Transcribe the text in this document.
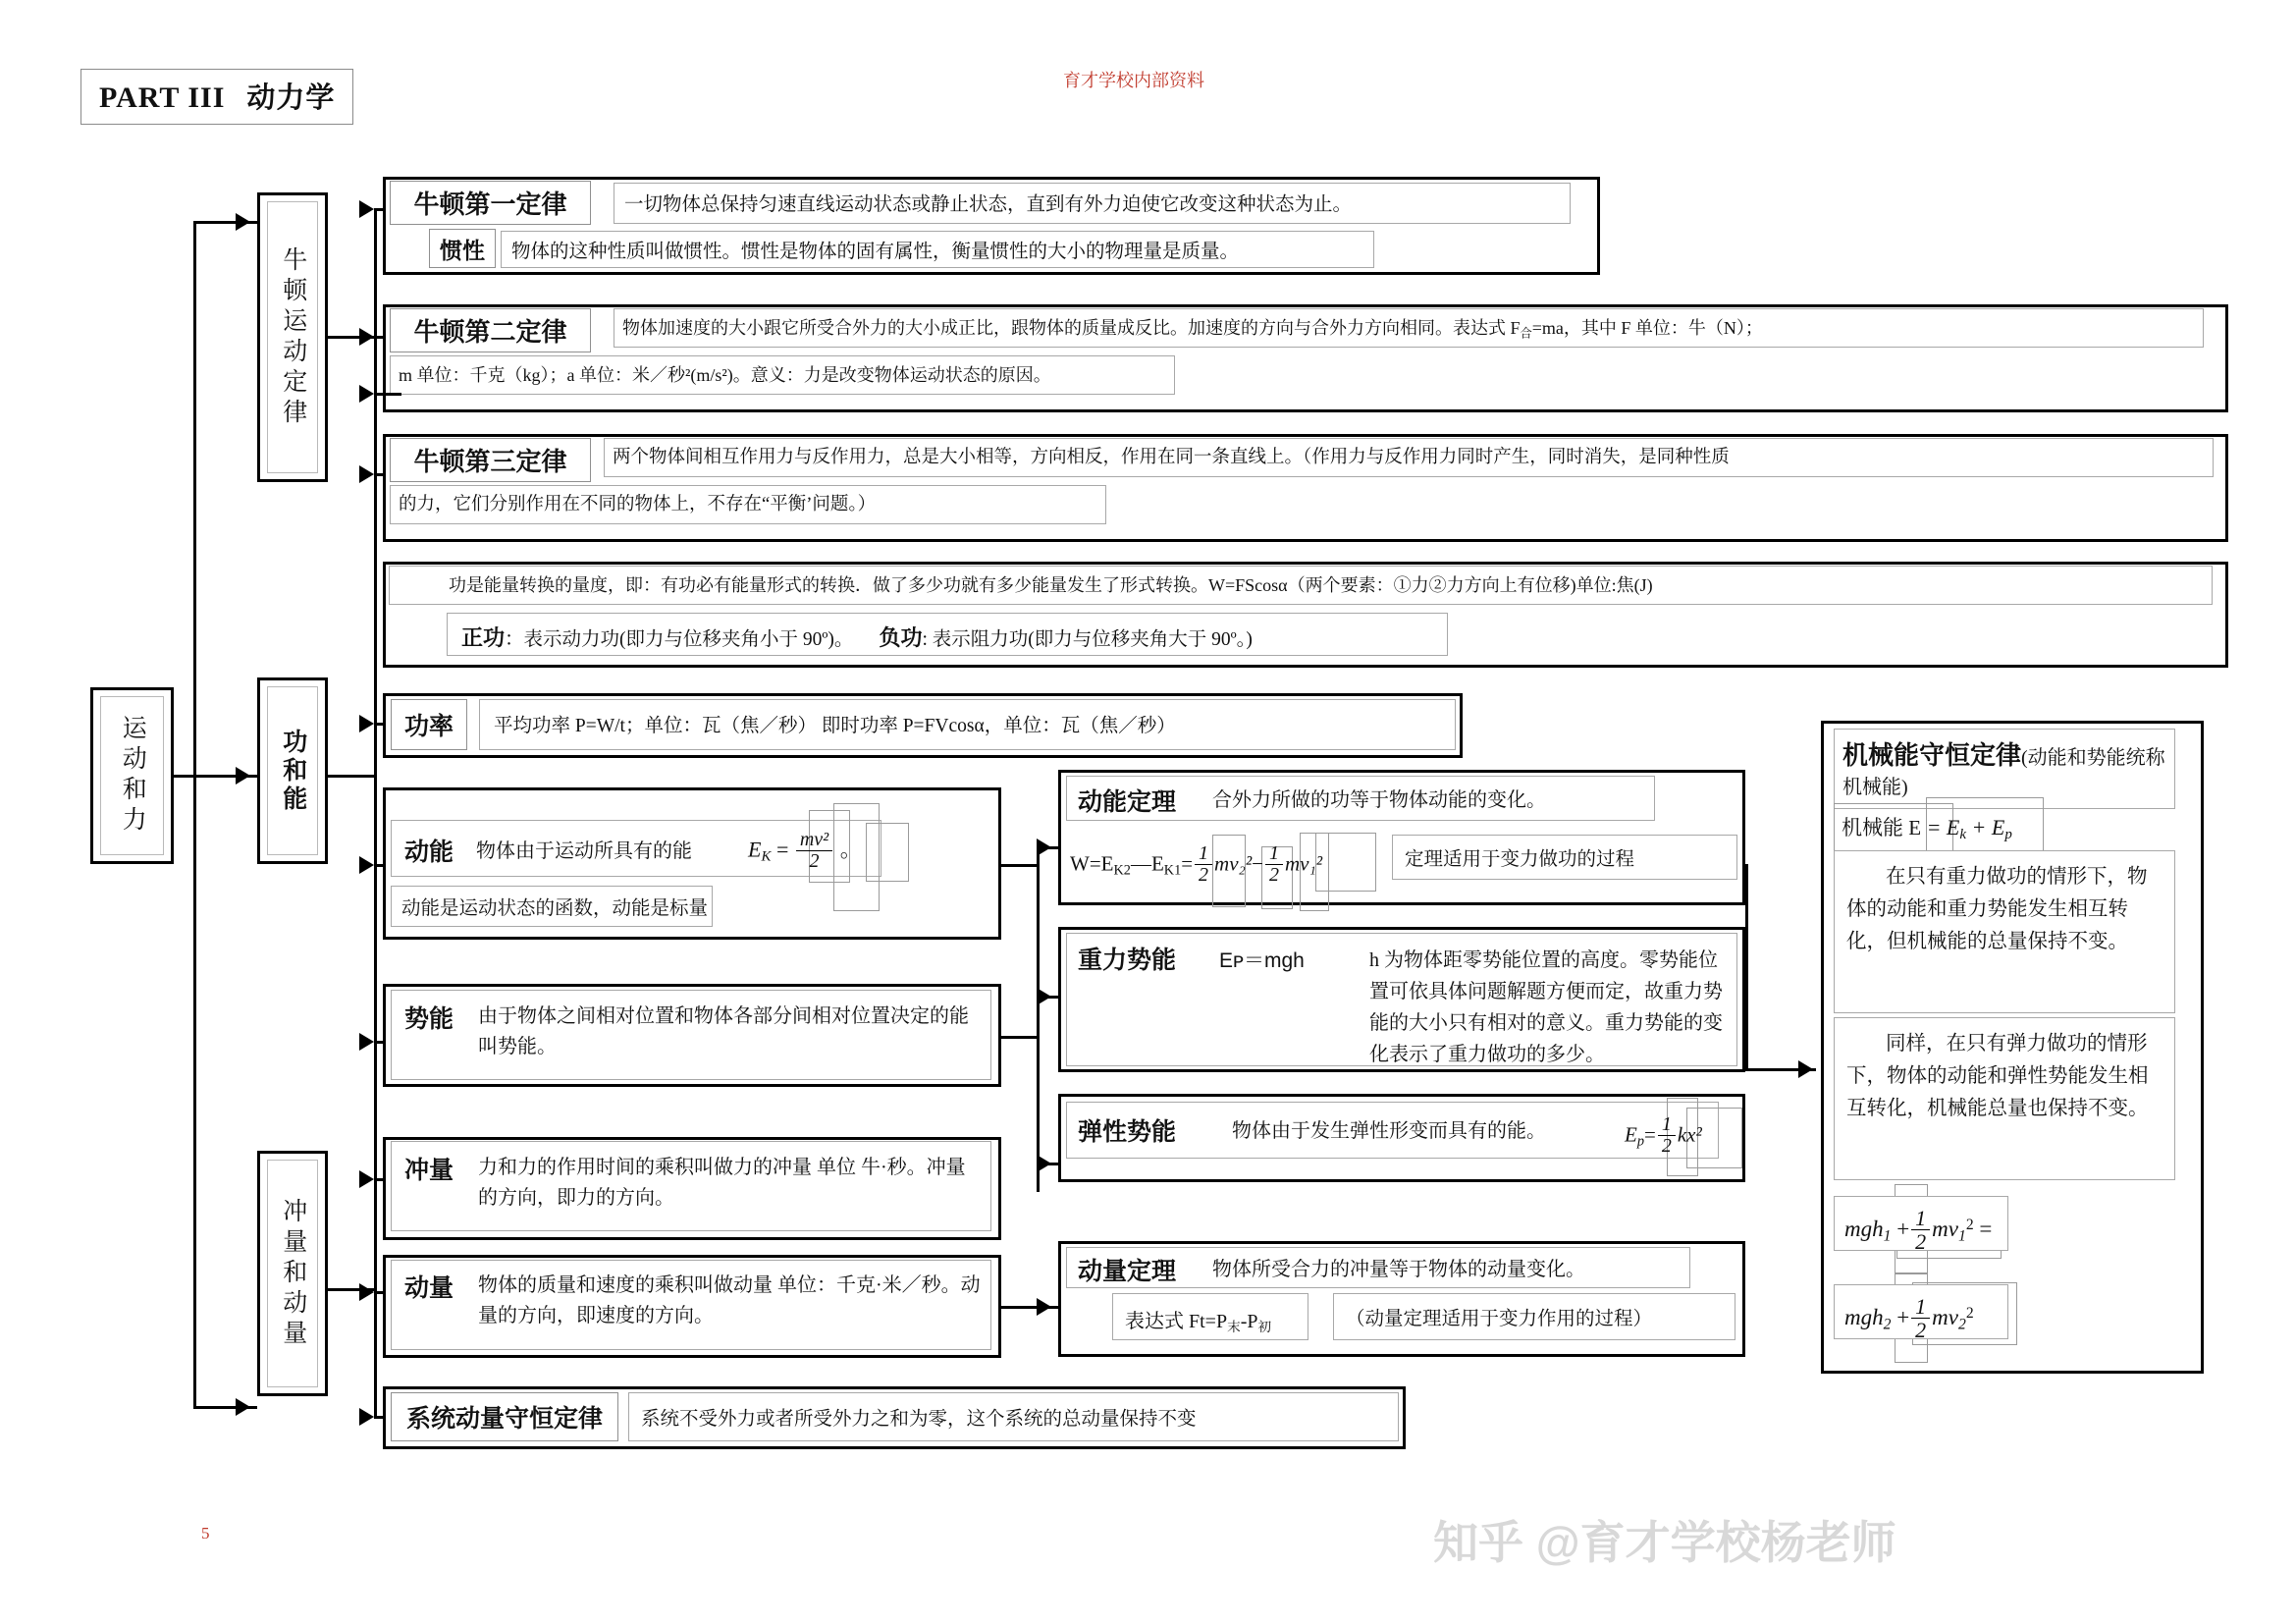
PART III 动力学
育才学校内部资料
运动和力
牛顿运动定律
牛顿第一定律	一切物体总保持匀速直线运动状态或静止状态，直到有外力迫使它改变这种状态为止。
惯性	物体的这种性质叫做惯性。惯性是物体的固有属性，衡量惯性的大小的物理量是质量。
牛顿第二定律	物体加速度的大小跟它所受合外力的大小成正比，跟物体的质量成反比。加速度的方向与合外力方向相同。表达式 $F_合=ma$，其中 F 单位：牛（N）；
m 单位：千克（kg）；a 单位：米／秒²(m/s²)。意义：力是改变物体运动状态的原因。
牛顿第三定律	两个物体间相互作用力与反作用力，总是大小相等，方向相反，作用在同一条直线上。（作用力与反作用力同时产生，同时消失，是同种性质
的力，它们分别作用在不同的物体上，不存在“平衡’问题。）
功和能
功是能量转换的量度，即：有功必有能量形式的转换．做了多少功就有多少能量发生了形式转换。W=FScosα（两个要素：①力②力方向上有位移)单位:焦(J)
正功：表示动力功(即力与位移夹角小于 90º)。 负功: 表示阻力功(即力与位移夹角大于 90º。)
功率	平均功率 P=W/t；单位：瓦（焦／秒） 即时功率 P=FVcosα，单位：瓦（焦／秒）
动能 物体由于运动所具有的能	$E_K = \frac{\text{mv²}}{2}$ 。
动能是运动状态的函数，动能是标量
势能 由于物体之间相对位置和物体各部分间相对位置决定的能叫势能。
动能定理 合外力所做的功等于物体动能的变化。
$W=E_{K2}—E_{K1}= \frac{1}{2} mv_2^2- \frac{1}{2} mv_1^2$	定理适用于变力做功的过程
重力势能 Eᴘ＝mgh	h 为物体距零势能位置的高度。零势能位置可依具体问题解题方便而定，故重力势能的大小只有相对的意义。重力势能的变化表示了重力做功的多少。
弹性势能	物体由于发生弹性形变而具有的能。	$E_p= \frac{1}{2} kx^2$
冲量和动量
冲量 力和力的作用时间的乘积叫做力的冲量 单位 牛·秒。冲量的方向，即力的方向。
动量 物体的质量和速度的乘积叫做动量 单位：千克·米／秒。动量的方向，即速度的方向。
动量定理 物体所受合力的冲量等于物体的动量变化。
表达式 $Ft=P_末-P_初$	（动量定理适用于变力作用的过程）
系统动量守恒定律	系统不受外力或者所受外力之和为零，这个系统的总动量保持不变
机械能守恒定律(动能和势能统称机械能)
机械能 $E = E_k + E_p$
在只有重力做功的情形下，物体的动能和重力势能发生相互转化，但机械能的总量保持不变。
同样，在只有弹力做功的情形下，物体的动能和弹性势能发生相互转化，机械能总量也保持不变。
$mgh_1 + \frac{1}{2} mv_1^2$ =
$mgh_2 + \frac{1}{2} mv_2^2$
5	知乎 @育才学校杨老师
